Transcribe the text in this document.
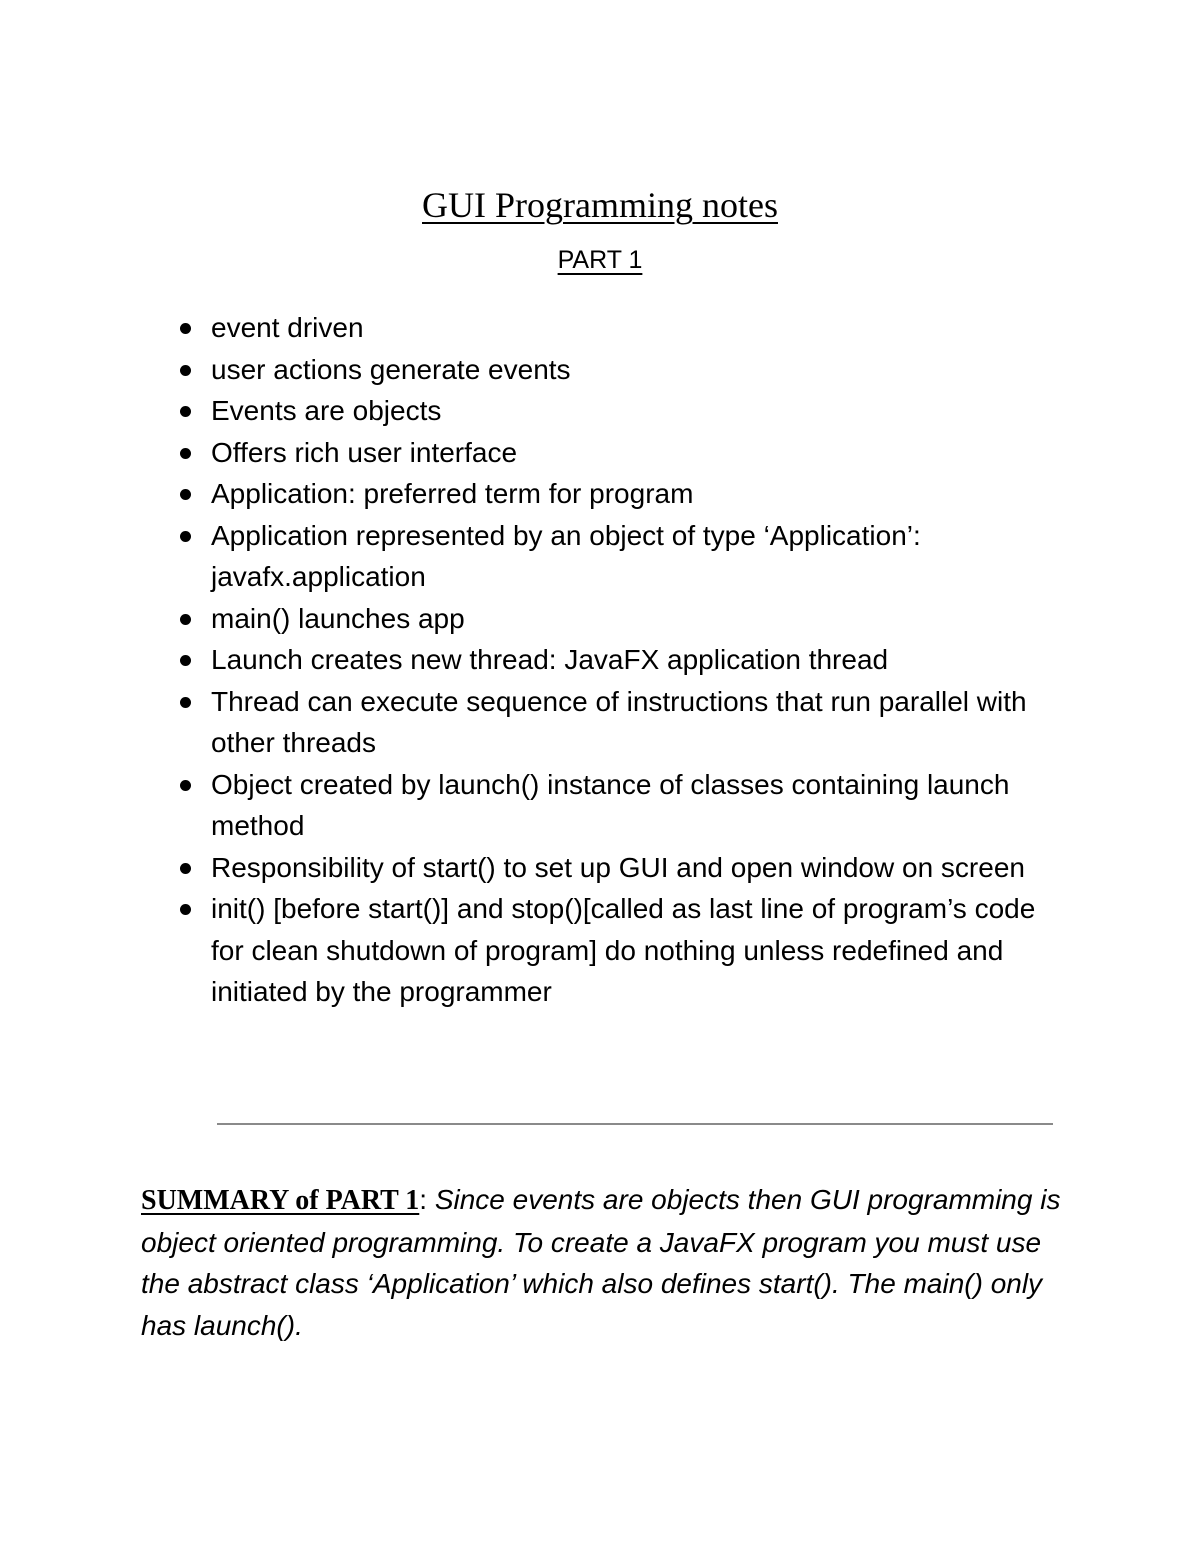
GUI Programming notes
PART 1
event driven
user actions generate events
Events are objects
Offers rich user interface
Application: preferred term for program
Application represented by an object of type ‘Application’: javafx.application
main() launches app
Launch creates new thread: JavaFX application thread
Thread can execute sequence of instructions that run parallel with other threads
Object created by launch() instance of classes containing launch method
Responsibility of start() to set up GUI and open window on screen
init() [before start()] and stop()[called as last line of program’s code for clean shutdown of program] do nothing unless redefined and initiated by the programmer

SUMMARY of PART 1: Since events are objects then GUI programming is object oriented programming. To create a JavaFX program you must use the abstract class ‘Application’ which also defines start(). The main() only has launch().
